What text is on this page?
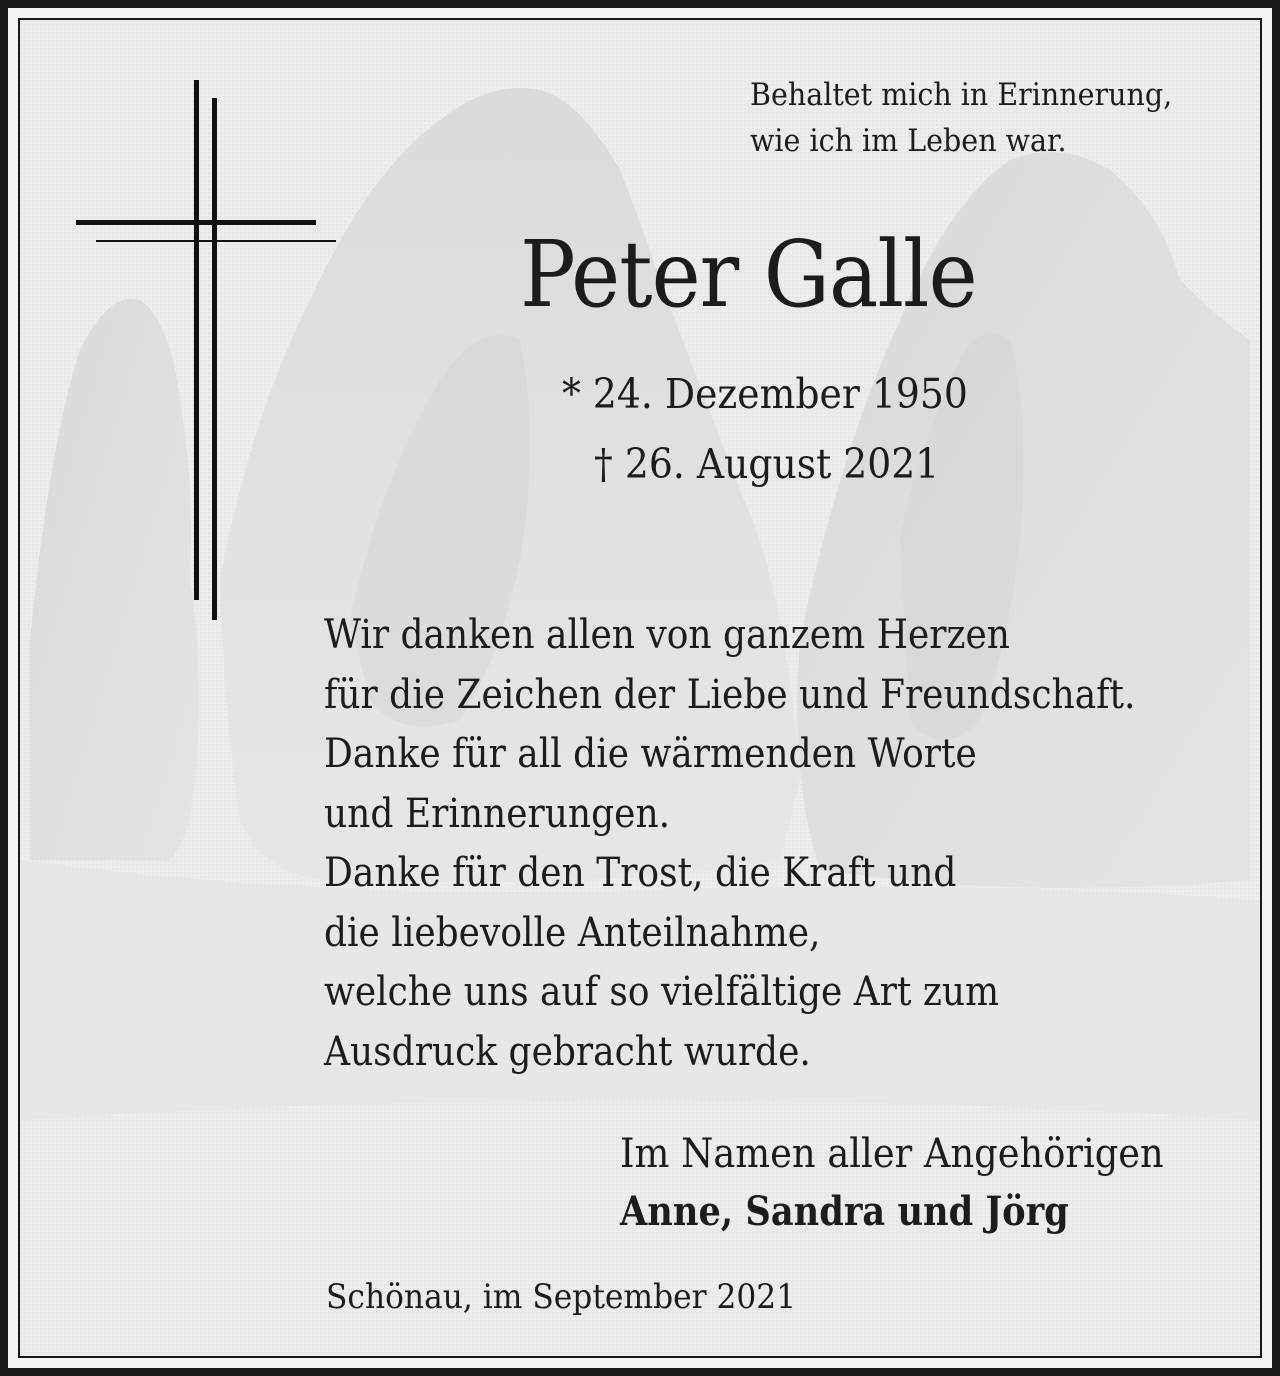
Behaltet mich in Erinnerung,
wie ich im Leben war.
Peter Galle
* 24. Dezember 1950
† 26. August 2021
Wir danken allen von ganzem Herzen
für die Zeichen der Liebe und Freundschaft.
Danke für all die wärmenden Worte
und Erinnerungen.
Danke für den Trost, die Kraft und
die liebevolle Anteilnahme,
welche uns auf so vielfältige Art zum
Ausdruck gebracht wurde.
Im Namen aller Angehörigen
Anne, Sandra und Jörg
Schönau, im September 2021
